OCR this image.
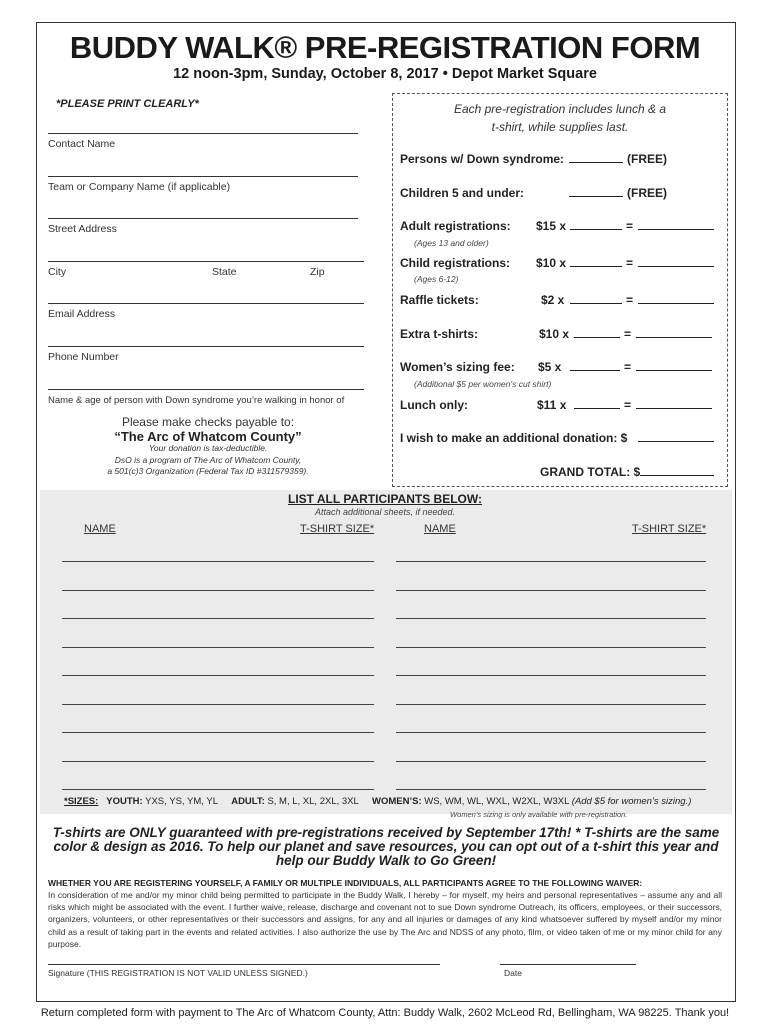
BUDDY WALK® PRE-REGISTRATION FORM
12 noon-3pm, Sunday, October 8, 2017 • Depot Market Square
*PLEASE PRINT CLEARLY*
Contact Name
Team or Company Name (if applicable)
Street Address
City	State	Zip
Email Address
Phone Number
Name & age of person with Down syndrome you’re walking in honor of
Please make checks payable to:
“The Arc of Whatcom County”
Your donation is tax-deductible.
DsO is a program of The Arc of Whatcom County,
a 501(c)3 Organization (Federal Tax ID #311579359).
Each pre-registration includes lunch & a t-shirt, while supplies last.
Persons w/ Down syndrome:	(FREE)
Children 5 and under:	(FREE)
Adult registrations: $15 x	=
(Ages 13 and older)
Child registrations: $10 x	=
(Ages 6-12)
Raffle tickets:	$2 x	=
Extra t-shirts:	$10 x	=
Women’s sizing fee: $5 x	=
(Additional $5 per women’s cut shirt)
Lunch only:	$11 x	=
I wish to make an additional donation: $
GRAND TOTAL: $
LIST ALL PARTICIPANTS BELOW:
Attach additional sheets, if needed.
NAME	T-SHIRT SIZE*	NAME	T-SHIRT SIZE*
*SIZES: YOUTH: YXS, YS, YM, YL ADULT: S, M, L, XL, 2XL, 3XL WOMEN’S: WS, WM, WL, WXL, W2XL, W3XL (Add $5 for women’s sizing.)
Women’s sizing is only available with pre-registration.
T-shirts are ONLY guaranteed with pre-registrations received by September 17th! * T-shirts are the same color & design as 2016. To help our planet and save resources, you can opt out of a t-shirt this year and help our Buddy Walk to Go Green!
WHETHER YOU ARE REGISTERING YOURSELF, A FAMILY OR MULTIPLE INDIVIDUALS, ALL PARTICIPANTS AGREE TO THE FOLLOWING WAIVER:
In consideration of me and/or my minor child being permitted to participate in the Buddy Walk, I hereby – for myself, my heirs and personal representatives – assume any and all risks which might be associated with the event. I further waive, release, discharge and covenant not to sue Down syndrome Outreach, its officers, employees, or their successors, organizers, volunteers, or other representatives or their successors and assigns, for any and all injuries or damages of any kind whatsoever suffered by myself and/or my minor child as a result of taking part in the events and related activities. I also authorize the use by The Arc and NDSS of any photo, film, or video taken of me or my minor child for any purpose.
Signature (THIS REGISTRATION IS NOT VALID UNLESS SIGNED.)	Date
Return completed form with payment to The Arc of Whatcom County, Attn: Buddy Walk, 2602 McLeod Rd, Bellingham, WA 98225. Thank you!
